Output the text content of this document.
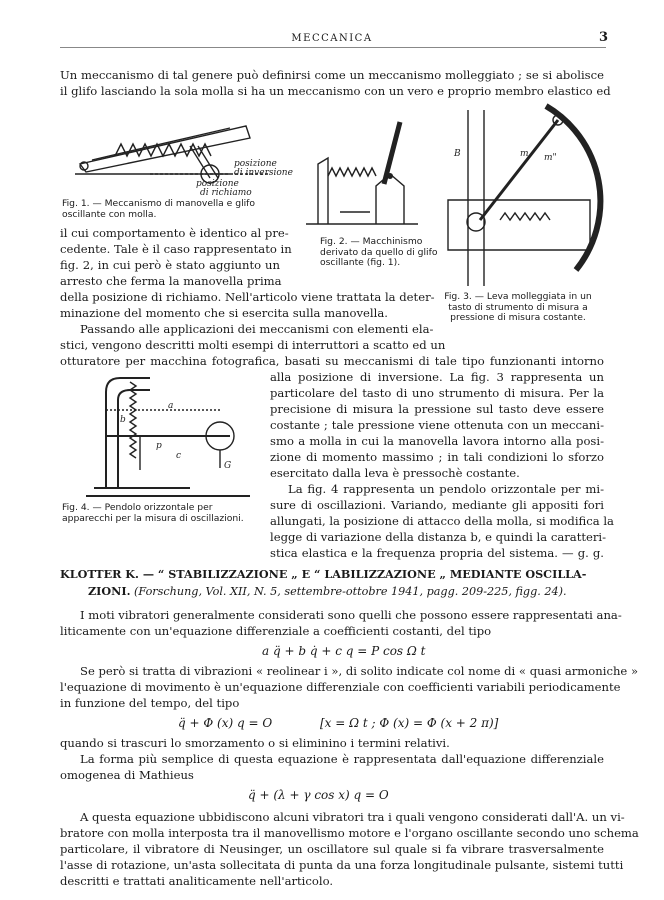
MECCANICA	3
Un meccanismo di tal genere può definirsi come un meccanismo molleggiato ; se si abolisce
il glifo lasciando la sola molla si ha un meccanismo con un vero e proprio membro elastico ed
posizione
di richiamo
posizione
di inversione
Fig. 1. — Meccanismo di manovella e glifo oscillante con molla.
Fig. 2. — Macchinismo derivato da quello di glifo oscillante (fig. 1).
B	m m"
Fig. 3. — Leva molleggiata in un tasto di strumento di misura a pressione di misura costante.
il cui comportamento è identico al pre-
cedente. Tale è il caso rappresentato in
fig. 2, in cui però è stato aggiunto un
arresto che ferma la manovella prima
della posizione di richiamo. Nell'articolo viene trattata la deter-
minazione del momento che si esercita sulla manovella.
Passando alle applicazioni dei meccanismi con elementi ela-
stici, vengono descritti molti esempi di interruttori a scatto ed un
otturatore per macchina fotografica, basati su meccanismi di tale tipo funzionanti intorno
a
b
p
c
G
Fig. 4. — Pendolo orizzontale per apparecchi per la misura di oscillazioni.
alla posizione di inversione. La fig. 3 rappresenta un
particolare del tasto di uno strumento di misura. Per la
precisione di misura la pressione sul tasto deve essere
costante ; tale pressione viene ottenuta con un meccani-
smo a molla in cui la manovella lavora intorno alla posi-
zione di momento massimo ; in tali condizioni lo sforzo
esercitato dalla leva è pressochè costante.
La fig. 4 rappresenta un pendolo orizzontale per mi-
sure di oscillazioni. Variando, mediante gli appositi fori
allungati, la posizione di attacco della molla, si modifica la
legge di variazione della distanza b, e quindi la caratteri-
stica elastica e la frequenza propria del sistema. — g. g.
KLOTTER K. — “ STABILIZZAZIONE „ E “ LABILIZZAZIONE „ MEDIANTE OSCILLA-
ZIONI. (Forschung, Vol. XII, N. 5, settembre-ottobre 1941, pagg. 209-225, figg. 24).
I moti vibratori generalmente considerati sono quelli che possono essere rappresentati ana-
liticamente con un'equazione differenziale a coefficienti costanti, del tipo
a q̈ + b q̇ + c q = P cos Ω t
Se però si tratta di vibrazioni « reolinear i », di solito indicate col nome di « quasi armoniche »
l'equazione di movimento è un'equazione differenziale con coefficienti variabili periodicamente
in funzione del tempo, del tipo
q̈ + Φ (x) q = O	[x = Ω t ; Φ (x) = Φ (x + 2 π)]
quando si trascuri lo smorzamento o si eliminino i termini relativi.
La forma più semplice di questa equazione è rappresentata dall'equazione differenziale
omogenea di Mathieus
q̈ + (λ + γ cos x) q = O
A questa equazione ubbidiscono alcuni vibratori tra i quali vengono considerati dall'A. un vi-
bratore con molla interposta tra il manovellismo motore e l'organo oscillante secondo uno schema
particolare, il vibratore di Neusinger, un oscillatore sul quale si fa vibrare trasversalmente
l'asse di rotazione, un'asta sollecitata di punta da una forza longitudinale pulsante, sistemi tutti
descritti e trattati analiticamente nell'articolo.
